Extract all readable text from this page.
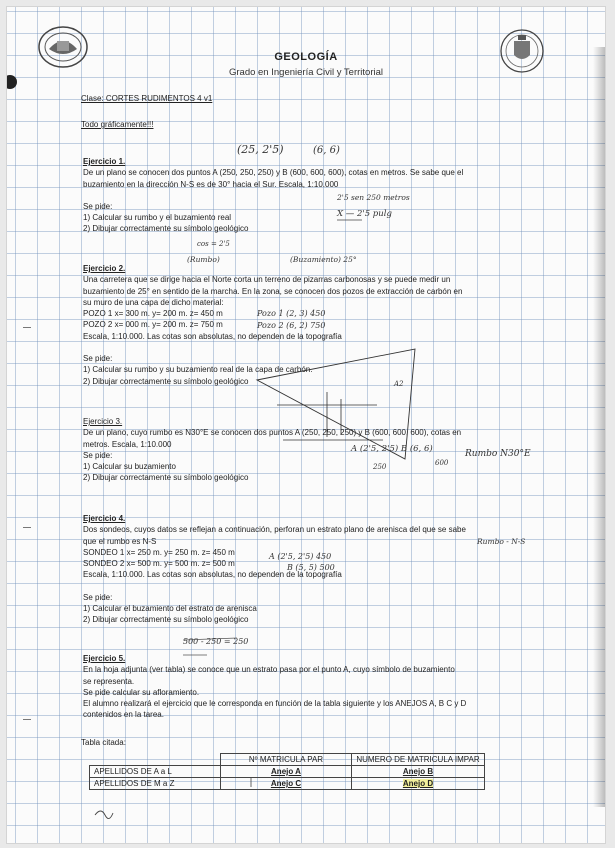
GEOLOGÍA
Grado en Ingeniería Civil y Territorial
Clase: CORTES RUDIMENTOS 4 v1
Todo gráficamente!!!
Ejercicio 1.
De un plano se conocen dos puntos A (250, 250, 250) y B (600, 600, 600), cotas en metros. Se sabe que el
buzamiento en la dirección N-S es de 30° hacia el Sur. Escala, 1:10.000
Se pide:
1) Calcular su rumbo y el buzamiento real
2) Dibujar correctamente su símbolo geológico
Ejercicio 2.
Una carretera que se dirige hacia el Norte corta un terreno de pizarras carbonosas y se puede medir un
buzamiento de 25° en sentido de la marcha. En la zona, se conocen dos pozos de extracción de carbón en
su muro de una capa de dicho material:
POZO 1 x= 300 m. y= 200 m. z= 450 m
POZO 2 x= 000 m. y= 200 m. z= 750 m
Escala, 1:10.000. Las cotas son absolutas, no dependen de la topografía
Se pide:
1) Calcular su rumbo y su buzamiento real de la capa de carbón.
2) Dibujar correctamente su símbolo geológico
Ejercicio 3.
De un plano, cuyo rumbo es N30°E se conocen dos puntos A (250, 250, 250) y B (600, 600, 600), cotas en
metros. Escala, 1:10.000
Se pide:
1) Calcular su buzamiento
2) Dibujar correctamente su símbolo geológico
Ejercicio 4.
Dos sondeos, cuyos datos se reflejan a continuación, perforan un estrato plano de arenisca del que se sabe
que el rumbo es N-S
SONDEO 1 x= 250 m. y= 250 m. z= 450 m
SONDEO 2 x= 500 m. y= 500 m. z= 500 m
Escala, 1:10.000. Las cotas son absolutas, no dependen de la topografía
Se pide:
1) Calcular el buzamiento del estrato de arenisca
2) Dibujar correctamente su símbolo geológico
Ejercicio 5.
En la hoja adjunta (ver tabla) se conoce que un estrato pasa por el punto A, cuyo símbolo de buzamiento
se representa.
Se pide calcular su afloramiento.
El alumno realizará el ejercicio que le corresponda en función de la tabla siguiente y los ANEJOS A, B C y D
contenidos en la tarea.
Tabla citada:
	Nº MATRICULA PAR	NUMERO DE MATRICULA IMPAR
APELLIDOS DE A a L	Anejo A	Anejo B
APELLIDOS DE M a Z	Anejo C	Anejo D
(25, 2'5)	(6, 6)
2'5 sen 250 metros
X — 2'5 pulg
cos = 2'5
(Rumbo)	(Buzamiento) 25°
Pozo 1 (2, 3) 450
Pozo 2 (6, 2) 750
A (2'5, 2'5) B (6, 6)	Rumbo N30°E
250	600
Rumbo - N-S
A (2'5, 2'5) 450
B (5, 5) 500
500 - 250 = 250
A2
